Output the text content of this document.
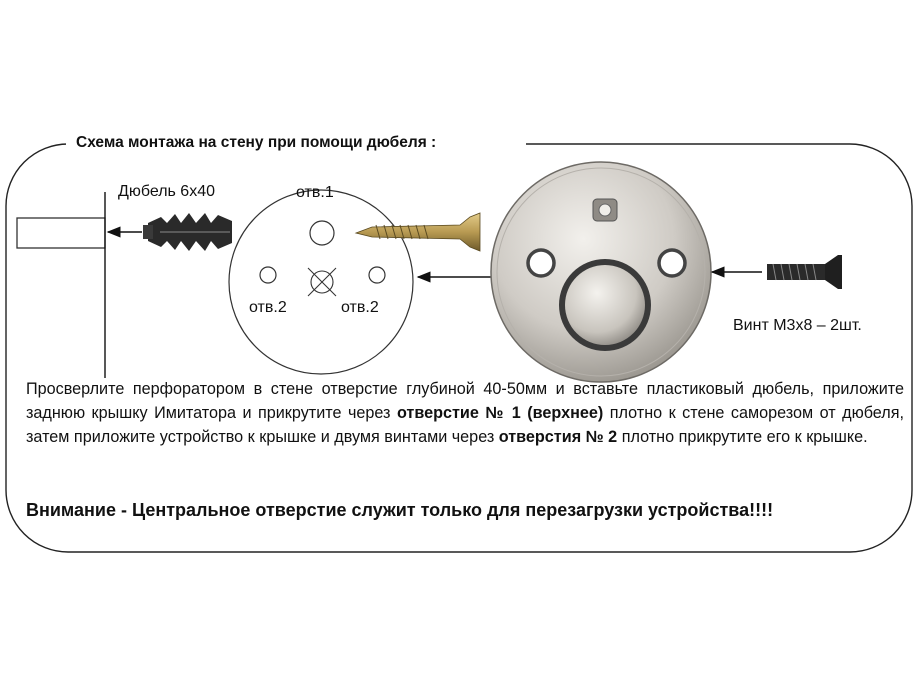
Дюбель 6х40	отв.1
отв.2	отв.2
Винт М3х8 – 2шт.
Схема монтажа на стену при помощи дюбеля :
Просверлите перфоратором в стене отверстие глубиной 40-50мм и вставьте пластиковый дюбель, приложите заднюю крышку Имитатора и прикрутите через отверстие № 1 (верхнее) плотно к стене саморезом от дюбеля, затем приложите устройство к крышке и двумя винтами через отверстия № 2 плотно прикрутите его к крышке.
Внимание - Центральное отверстие служит только для перезагрузки устройства!!!!
